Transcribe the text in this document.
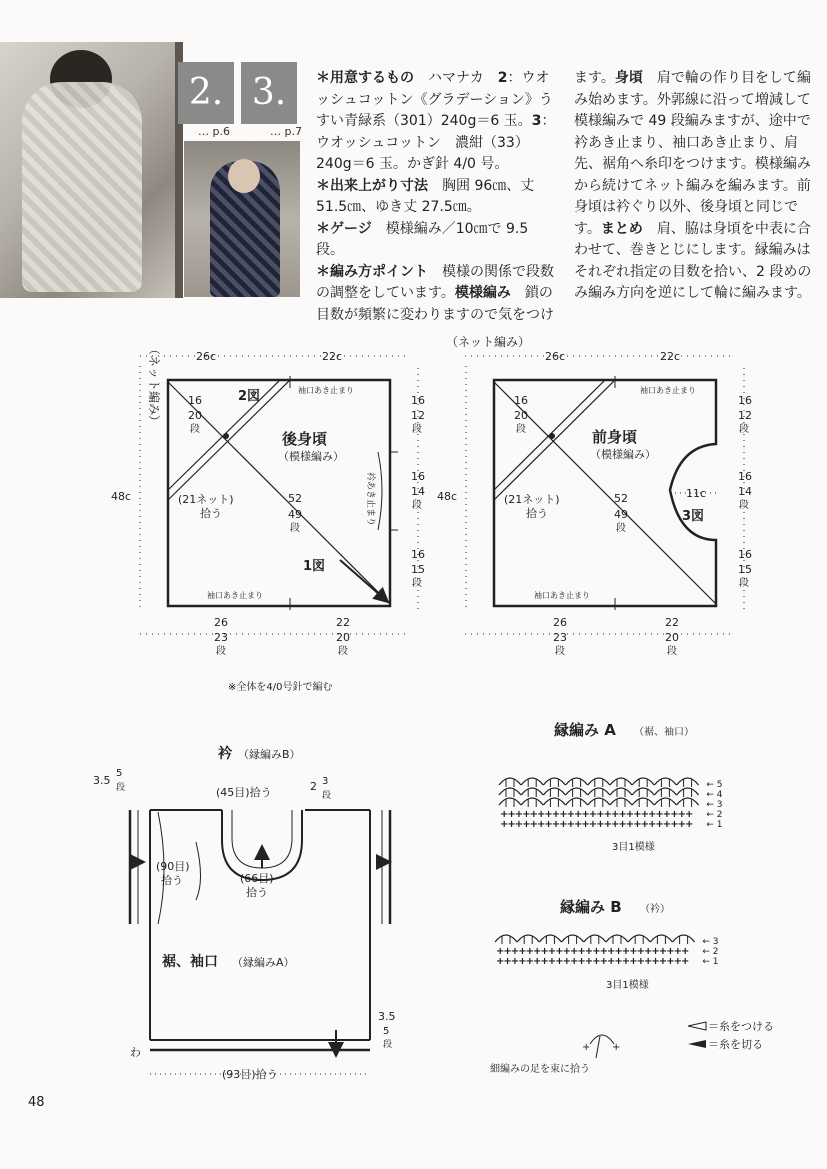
2. 3.
… p.6	… p.7
＊用意するもの　ハマナカ　2：ウオッシュコットン《グラデーション》うすい青緑系（301）240g＝6 玉。3：ウオッシュコットン　濃紺（33）240g＝6 玉。かぎ針 4/0 号。
＊出来上がり寸法　胸囲 96㎝、丈 51.5㎝、ゆき丈 27.5㎝。
＊ゲージ　模様編み／10㎝で 9.5 段。
＊編み方ポイント　模様の関係で段数の調整をしています。模様編み　鎖の目数が頻繁に変わりますので気をつけ
ます。身頃　肩で輪の作り目をして編み始めます。外郭線に沿って増減して模様編みで 49 段編みますが、途中で衿あき止まり、袖口あき止まり、肩先、裾角へ糸印をつけます。模様編みから続けてネット編みを編みます。前身頃は衿ぐり以外、後身頃と同じです。まとめ　肩、脇は身頃を中表に合わせて、巻きとじにします。縁編みはそれぞれ指定の目数を拾い、2 段めのみ編み方向を逆にして輪に編みます。
（ネット編み）	26c	22c
袖口あき止まり
2図
16
20
段
後身頃
（模様編み）
(21ネット)
拾う
52
49
段
1図
48c	衿あき止まり
袖口あき止まり
26
23
段
22
20
段
16
12
段
16
14
段
16
15
段
（ネット編み）
26c	22c
袖口あき止まり
16
20
段	前身頃
（模様編み）
(21ネット)
拾う
52
49
段
48c	11c
3図
袖口あき止まり
26
23
段
22
20
段
16
12
段
16
14
段
16
15
段
衿 （縁編みB）
(45目)拾う
3.5
5
段	2 3
段
(90目)
拾う	(66目)
拾う
裾、袖口 （縁編みA）
3.5
5
段
わ
(93目)拾う
縁編み A （裾、袖口）
+ + + + + + + + + + + + + + + + + + + + + + + + + +
+ + + + + + + + + + + + + + + + + + + + + + + + + +
← 5
← 4
← 3
← 2
← 1
3目1模様
縁編み B （衿）
+ + + + + + + + + + + + + + + + + + + + + + + + + +
+ + + + + + + + + + + + + + + + + + + + + + + + + +
← 3
← 2
← 1
3目1模様
＝糸をつける
＝糸を切る
+ +
細編みの足を束に拾う
※全体を4/0号針で編む
48
